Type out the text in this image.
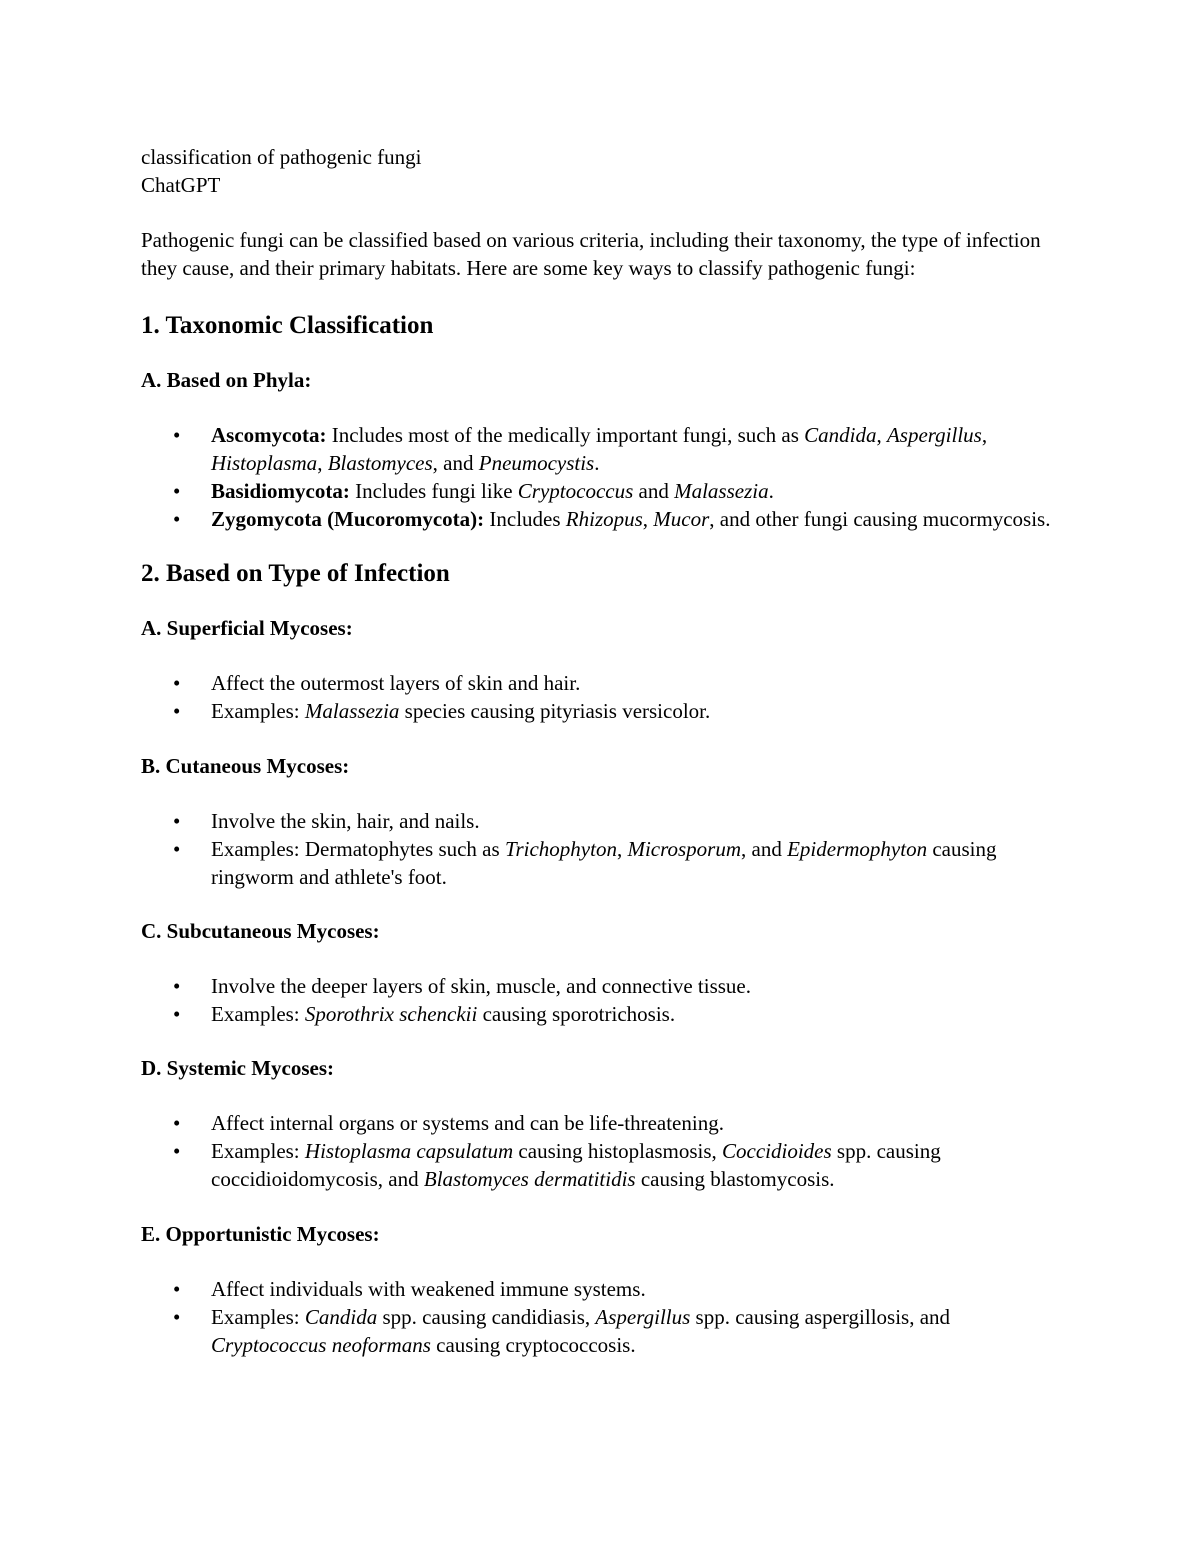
classification of pathogenic fungi

ChatGPT

Pathogenic fungi can be classified based on various criteria, including their taxonomy, the type of infection they cause, and their primary habitats. Here are some key ways to classify pathogenic fungi:

1. Taxonomic Classification
A. Based on Phyla:
• Ascomycota: Includes most of the medically important fungi, such as Candida, Aspergillus, Histoplasma, Blastomyces, and Pneumocystis.
• Basidiomycota: Includes fungi like Cryptococcus and Malassezia.
• Zygomycota (Mucoromycota): Includes Rhizopus, Mucor, and other fungi causing mucormycosis.
2. Based on Type of Infection
A. Superficial Mycoses:
• Affect the outermost layers of skin and hair.
• Examples: Malassezia species causing pityriasis versicolor.
B. Cutaneous Mycoses:
• Involve the skin, hair, and nails.
• Examples: Dermatophytes such as Trichophyton, Microsporum, and Epidermophyton causing ringworm and athlete's foot.
C. Subcutaneous Mycoses:
• Involve the deeper layers of skin, muscle, and connective tissue.
• Examples: Sporothrix schenckii causing sporotrichosis.
D. Systemic Mycoses:
• Affect internal organs or systems and can be life-threatening.
• Examples: Histoplasma capsulatum causing histoplasmosis, Coccidioides spp. causing coccidioidomycosis, and Blastomyces dermatitidis causing blastomycosis.
E. Opportunistic Mycoses:
• Affect individuals with weakened immune systems.
• Examples: Candida spp. causing candidiasis, Aspergillus spp. causing aspergillosis, and Cryptococcus neoformans causing cryptococcosis.
